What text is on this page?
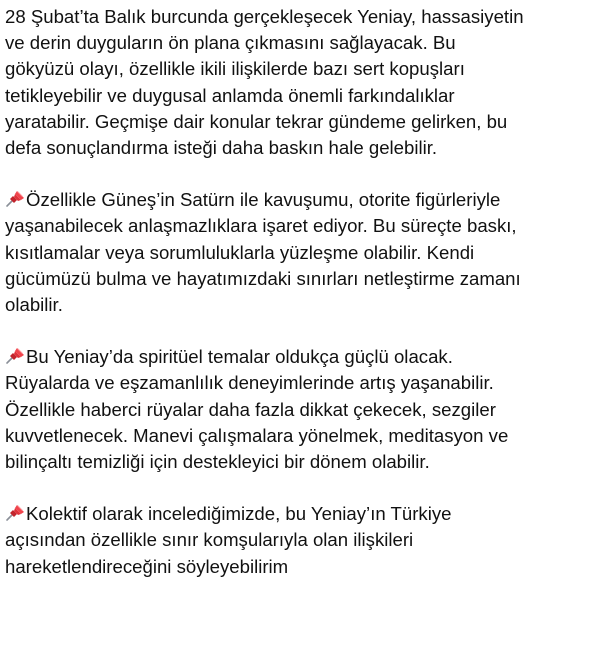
28 Şubat’ta Balık burcunda gerçekleşecek Yeniay, hassasiyetin
ve derin duyguların ön plana çıkmasını sağlayacak. Bu
gökyüzü olayı, özellikle ikili ilişkilerde bazı sert kopuşları
tetikleyebilir ve duygusal anlamda önemli farkındalıklar
yaratabilir. Geçmişe dair konular tekrar gündeme gelirken, bu
defa sonuçlandırma isteği daha baskın hale gelebilir.

Özellikle Güneş’in Satürn ile kavuşumu, otorite figürleriyle
yaşanabilecek anlaşmazlıklara işaret ediyor. Bu süreçte baskı,
kısıtlamalar veya sorumluluklarla yüzleşme olabilir. Kendi
gücümüzü bulma ve hayatımızdaki sınırları netleştirme zamanı
olabilir.

Bu Yeniay’da spiritüel temalar oldukça güçlü olacak.
Rüyalarda ve eşzamanlılık deneyimlerinde artış yaşanabilir.
Özellikle haberci rüyalar daha fazla dikkat çekecek, sezgiler
kuvvetlenecek. Manevi çalışmalara yönelmek, meditasyon ve
bilinçaltı temizliği için destekleyici bir dönem olabilir.

Kolektif olarak incelediğimizde, bu Yeniay’ın Türkiye
açısından özellikle sınır komşularıyla olan ilişkileri
hareketlendireceğini söyleyebilirim
